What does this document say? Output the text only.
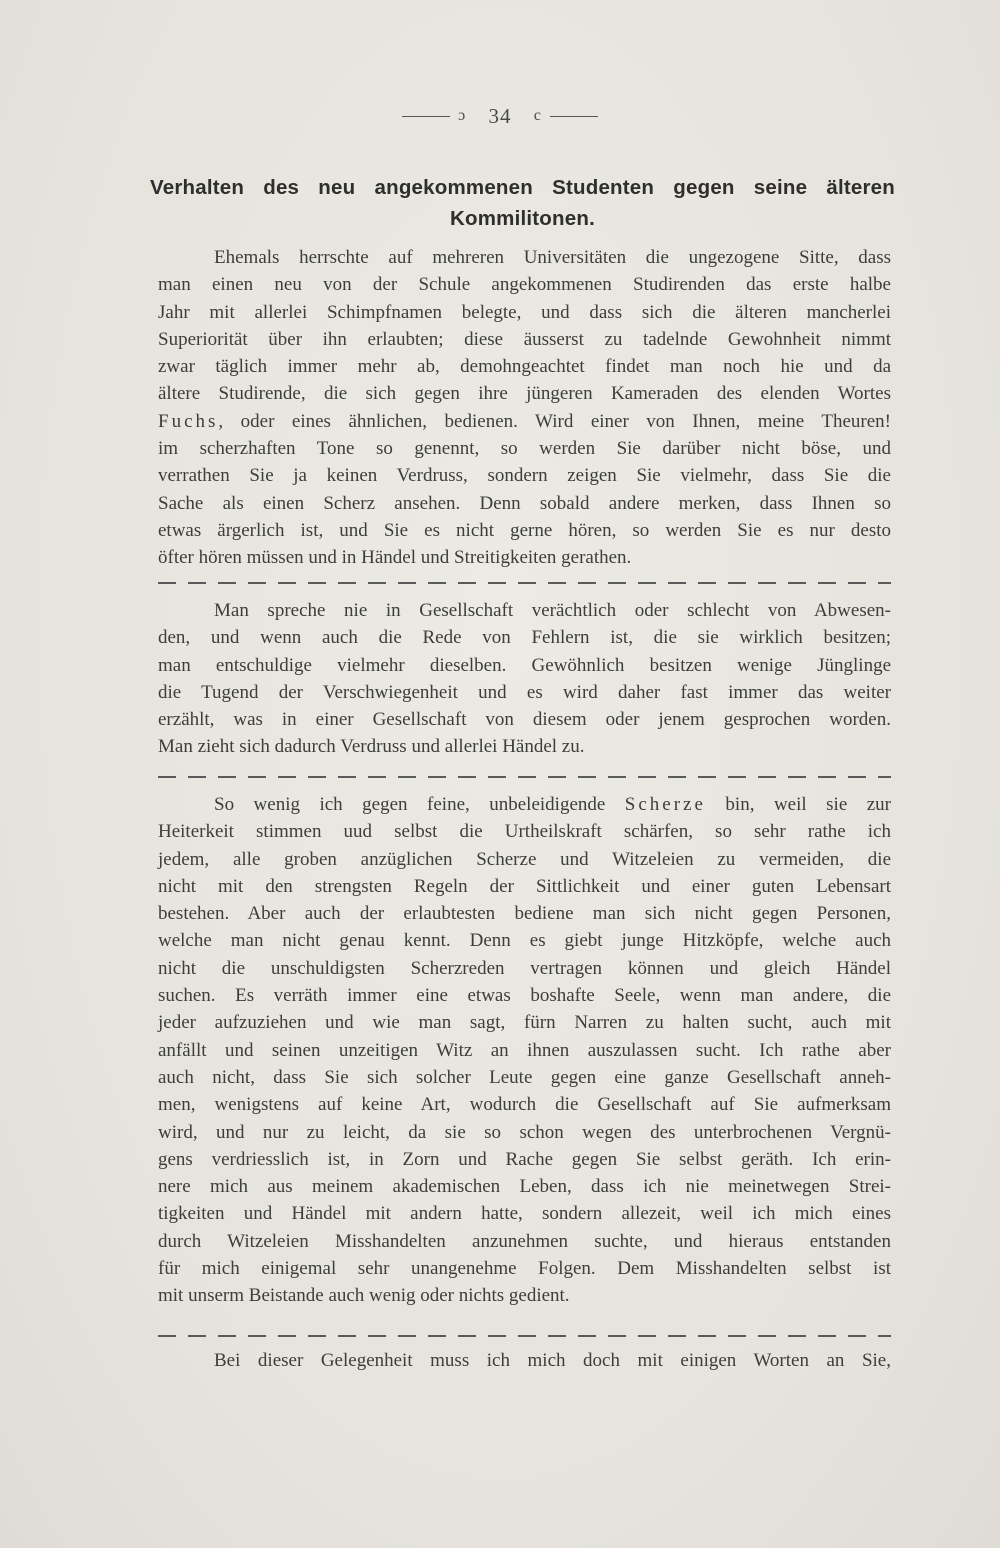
ɔ 34 c
Verhalten des neu angekommenen Studenten gegen seine älteren
Kommilitonen.
Ehemals herrschte auf mehreren Universitäten die ungezogene Sitte, dass
man einen neu von der Schule angekommenen Studirenden das erste halbe
Jahr mit allerlei Schimpfnamen belegte, und dass sich die älteren mancherlei
Superiorität über ihn erlaubten; diese äusserst zu tadelnde Gewohnheit nimmt
zwar täglich immer mehr ab, demohngeachtet findet man noch hie und da
ältere Studirende, die sich gegen ihre jüngeren Kameraden des elenden Wortes
Fuchs, oder eines ähnlichen, bedienen. Wird einer von Ihnen, meine Theuren!
im scherzhaften Tone so genennt, so werden Sie darüber nicht böse, und
verrathen Sie ja keinen Verdruss, sondern zeigen Sie vielmehr, dass Sie die
Sache als einen Scherz ansehen. Denn sobald andere merken, dass Ihnen so
etwas ärgerlich ist, und Sie es nicht gerne hören, so werden Sie es nur desto
öfter hören müssen und in Händel und Streitigkeiten gerathen.
Man spreche nie in Gesellschaft verächtlich oder schlecht von Abwesen-
den, und wenn auch die Rede von Fehlern ist, die sie wirklich besitzen;
man entschuldige vielmehr dieselben. Gewöhnlich besitzen wenige Jünglinge
die Tugend der Verschwiegenheit und es wird daher fast immer das weiter
erzählt, was in einer Gesellschaft von diesem oder jenem gesprochen worden.
Man zieht sich dadurch Verdruss und allerlei Händel zu.
So wenig ich gegen feine, unbeleidigende Scherze bin, weil sie zur
Heiterkeit stimmen uud selbst die Urtheilskraft schärfen, so sehr rathe ich
jedem, alle groben anzüglichen Scherze und Witzeleien zu vermeiden, die
nicht mit den strengsten Regeln der Sittlichkeit und einer guten Lebensart
bestehen. Aber auch der erlaubtesten bediene man sich nicht gegen Personen,
welche man nicht genau kennt. Denn es giebt junge Hitzköpfe, welche auch
nicht die unschuldigsten Scherzreden vertragen können und gleich Händel
suchen. Es verräth immer eine etwas boshafte Seele, wenn man andere, die
jeder aufzuziehen und wie man sagt, fürn Narren zu halten sucht, auch mit
anfällt und seinen unzeitigen Witz an ihnen auszulassen sucht. Ich rathe aber
auch nicht, dass Sie sich solcher Leute gegen eine ganze Gesellschaft anneh-
men, wenigstens auf keine Art, wodurch die Gesellschaft auf Sie aufmerksam
wird, und nur zu leicht, da sie so schon wegen des unterbrochenen Vergnü-
gens verdriesslich ist, in Zorn und Rache gegen Sie selbst geräth. Ich erin-
nere mich aus meinem akademischen Leben, dass ich nie meinetwegen Strei-
tigkeiten und Händel mit andern hatte, sondern allezeit, weil ich mich eines
durch Witzeleien Misshandelten anzunehmen suchte, und hieraus entstanden
für mich einigemal sehr unangenehme Folgen. Dem Misshandelten selbst ist
mit unserm Beistande auch wenig oder nichts gedient.
Bei dieser Gelegenheit muss ich mich doch mit einigen Worten an Sie,
